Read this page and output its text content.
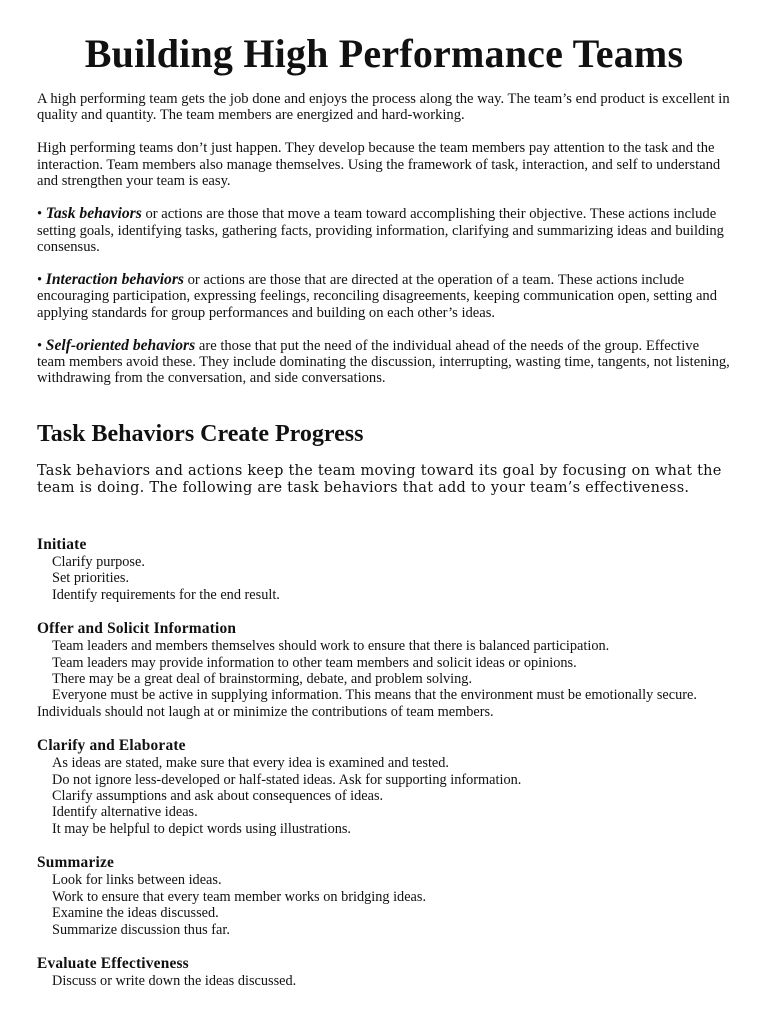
Building High Performance Teams

A high performing team gets the job done and enjoys the process along the way. The team’s end product is excellent in quality and quantity. The team members are energized and hard-working.

High performing teams don’t just happen. They develop because the team members pay attention to the task and the interaction. Team members also manage themselves. Using the framework of task, interaction, and self to understand and strengthen your team is easy.

• Task behaviors or actions are those that move a team toward accomplishing their objective. These actions include setting goals, identifying tasks, gathering facts, providing information, clarifying and summarizing ideas and building consensus.

• Interaction behaviors or actions are those that are directed at the operation of a team. These actions include encouraging participation, expressing feelings, reconciling disagreements, keeping communication open, setting and applying standards for group performances and building on each other’s ideas.

• Self-oriented behaviors are those that put the need of the individual ahead of the needs of the group. Effective team members avoid these. They include dominating the discussion, interrupting, wasting time, tangents, not listening, withdrawing from the conversation, and side conversations.

Task Behaviors Create Progress

Task behaviors and actions keep the team moving toward its goal by focusing on what the team is doing. The following are task behaviors that add to your team’s effectiveness.

Initiate
Clarify purpose.
Set priorities.
Identify requirements for the end result.
Offer and Solicit Information
Team leaders and members themselves should work to ensure that there is balanced participation.
Team leaders may provide information to other team members and solicit ideas or opinions.
There may be a great deal of brainstorming, debate, and problem solving.
Everyone must be active in supplying information. This means that the environment must be emotionally secure. Individuals should not laugh at or minimize the contributions of team members.
Clarify and Elaborate
As ideas are stated, make sure that every idea is examined and tested.
Do not ignore less-developed or half-stated ideas. Ask for supporting information.
Clarify assumptions and ask about consequences of ideas.
Identify alternative ideas.
It may be helpful to depict words using illustrations.
Summarize
Look for links between ideas.
Work to ensure that every team member works on bridging ideas.
Examine the ideas discussed.
Summarize discussion thus far.
Evaluate Effectiveness
Discuss or write down the ideas discussed.
